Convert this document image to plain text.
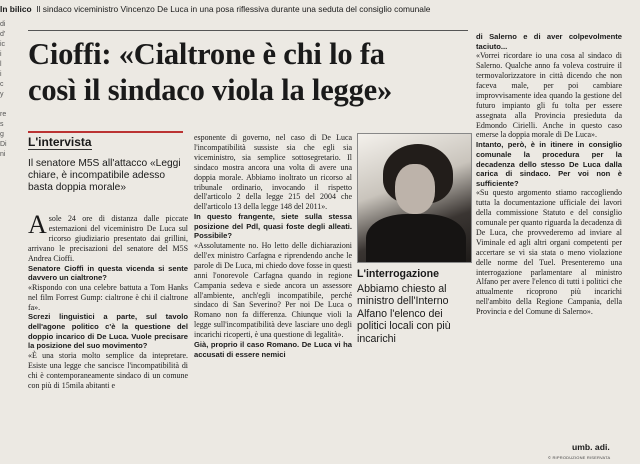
In bilico Il sindaco viceministro Vincenzo De Luca in una posa riflessiva durante una seduta del consiglio comunale
di
d'
ic
i
l
i
c
y

re
s
g
Di
ni
Cioffi: «Cialtrone è chi lo fa
così il sindaco viola la legge»
L'intervista
Il senatore M5S all'attacco «Leggi chiare, è incompatibile adesso basta doppia morale»

Asole 24 ore di distanza dalle piccate esternazioni del viceministro De Luca sul ricorso giudiziario presentato dai grillini, arrivano le precisazioni del senatore del M5S Andrea Cioffi.

Senatore Cioffi in questa vicenda si sente davvero un cialtrone?

«Rispondo con una celebre battuta a Tom Hanks nel film Forrest Gump: cialtrone è chi il cialtrone fa».

Screzi linguistici a parte, sul tavolo dell'agone politico c'è la questione del doppio incarico di De Luca. Vuole precisare la posizione del suo movimento?

«È una storia molto semplice da intepretare. Esiste una legge che sancisce l'incompatibilità di chi è contemporaneamente sindaco di un comune con più di 15mila abitanti e

esponente di governo, nel caso di De Luca l'incompatibilità sussiste sia che egli sia viceministro, sia semplice sottosegretario. Il sindaco mostra ancora una volta di avere una doppia morale. Abbiamo inoltrato un ricorso al tribunale ordinario, invocando il rispetto dell'articolo 2 della legge 215 del 2004 che dell'articolo 13 della legge 148 del 2011».

In questo frangente, siete sulla stessa posizione del Pdl, quasi foste degli alleati. Possibile?

«Assolutamente no. Ho letto delle dichiarazioni dell'ex ministro Carfagna e riprendendo anche le parole di De Luca, mi chiedo dove fosse in questi anni l'onorevole Carfagna quando in regione Campania sedeva e siede ancora un assessore all'ambiente, anch'egli incompatibile, perché sindaco di San Severino? Per noi De Luca o Romano non fa differenza. Chiunque violi la legge sull'incompatibilità deve lasciare uno degli incarichi ricoperti, è una questione di legalità».

Già, proprio il caso Romano. De Luca vi ha accusati di essere nemici

di Salerno e di aver colpevolmente taciuto...

«Vorrei ricordare io una cosa al sindaco di Salerno. Qualche anno fa voleva costruire il termovalorizzatore in città dicendo che non faceva male, per poi cambiare improvvisamente idea quando la gestione del futuro impianto gli fu tolta per essere assegnata alla Provincia presieduta da Edmondo Cirielli. Anche in questo caso emerse la doppia morale di De Luca».

Intanto, però, è in itinere in consiglio comunale la procedura per la decadenza dello stesso De Luca dalla carica di sindaco. Per voi non è sufficiente?

«Su questo argomento stiamo raccogliendo tutta la documentazione ufficiale dei lavori della commissione Statuto e del consiglio comunale per quanto riguarda la decadenza di De Luca, che provvederemo ad inviare al Viminale ed agli altri organi competenti per accertare se vi sia stata o meno violazione delle norme del Tuel. Presenteremo una interrogazione parlamentare al ministro Alfano per avere l'elenco di tutti i politici che attualmente ricoprono più incarichi nell'ambito della Regione Campania, della Provincia e del Comune di Salerno».

L'interrogazione
Abbiamo chiesto al ministro dell'Interno Alfano l'elenco dei politici locali con più incarichi
umb. adi.
© RIPRODUZIONE RISERVATA
